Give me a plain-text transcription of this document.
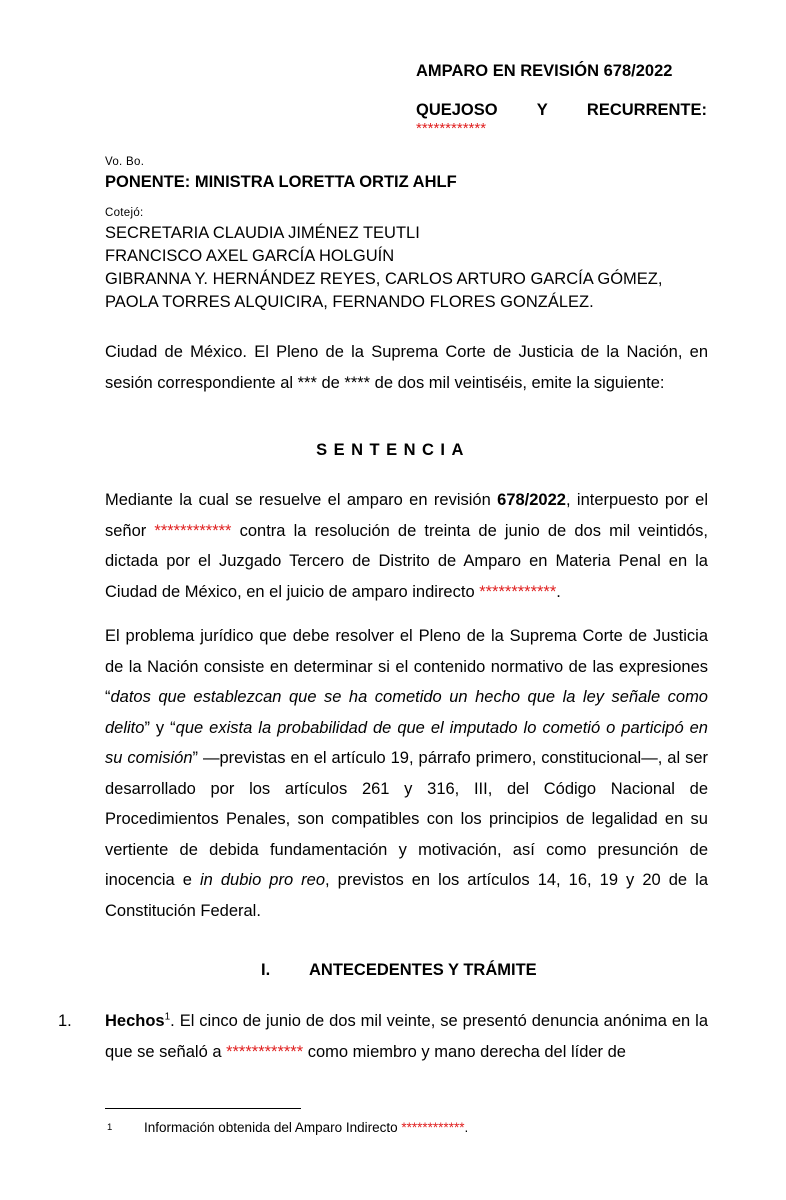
AMPARO EN REVISIÓN 678/2022
QUEJOSO Y RECURRENTE:
************
Vo. Bo.
PONENTE: MINISTRA LORETTA ORTIZ AHLF
Cotejó:
SECRETARIA CLAUDIA JIMÉNEZ TEUTLI
FRANCISCO AXEL GARCÍA HOLGUÍN
GIBRANNA Y. HERNÁNDEZ REYES, CARLOS ARTURO GARCÍA GÓMEZ,
PAOLA TORRES ALQUICIRA, FERNANDO FLORES GONZÁLEZ.
Ciudad de México. El Pleno de la Suprema Corte de Justicia de la Nación, en sesión correspondiente al *** de **** de dos mil veintiséis, emite la siguiente:
SENTENCIA
Mediante la cual se resuelve el amparo en revisión 678/2022, interpuesto por el señor ************ contra la resolución de treinta de junio de dos mil veintidós, dictada por el Juzgado Tercero de Distrito de Amparo en Materia Penal en la Ciudad de México, en el juicio de amparo indirecto ************.
El problema jurídico que debe resolver el Pleno de la Suprema Corte de Justicia de la Nación consiste en determinar si el contenido normativo de las expresiones “datos que establezcan que se ha cometido un hecho que la ley señale como delito” y “que exista la probabilidad de que el imputado lo cometió o participó en su comisión” —previstas en el artículo 19, párrafo primero, constitucional—, al ser desarrollado por los artículos 261 y 316, III, del Código Nacional de Procedimientos Penales, son compatibles con los principios de legalidad en su vertiente de debida fundamentación y motivación, así como presunción de inocencia e in dubio pro reo, previstos en los artículos 14, 16, 19 y 20 de la Constitución Federal.
I. ANTECEDENTES Y TRÁMITE
1. Hechos$^1$. El cinco de junio de dos mil veinte, se presentó denuncia anónima en la que se señaló a ************ como miembro y mano derecha del líder de
1 Información obtenida del Amparo Indirecto ************.
